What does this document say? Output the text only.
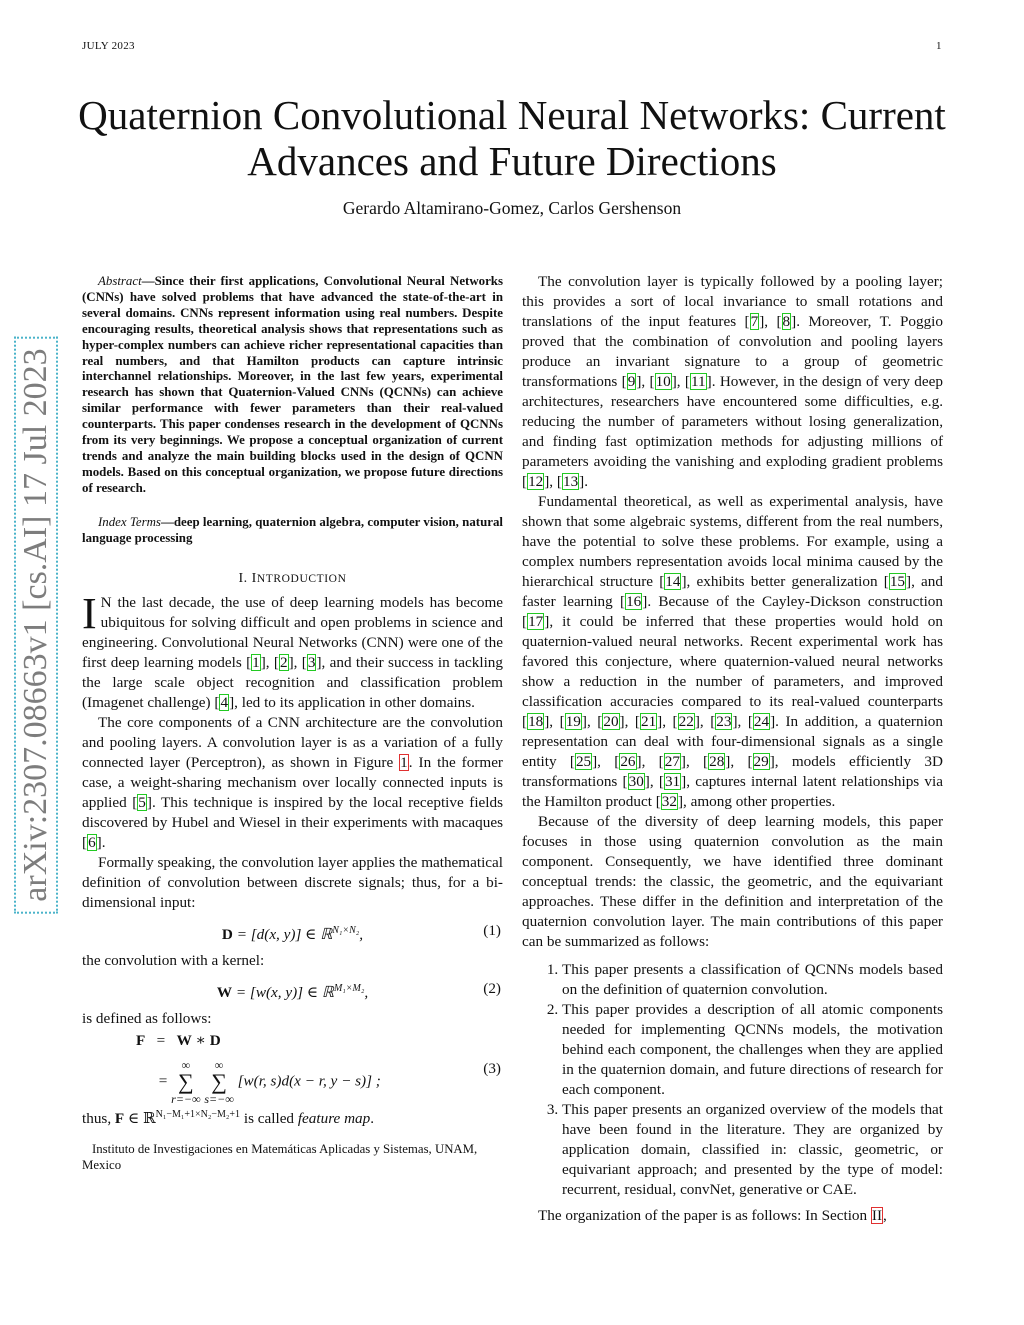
JULY 2023	1
Quaternion Convolutional Neural Networks: Current
Advances and Future Directions
Gerardo Altamirano-Gomez, Carlos Gershenson
arXiv:2307.08663v1 [cs.AI] 17 Jul 2023

Abstract—Since their first applications, Convolutional Neural Networks (CNNs) have solved problems that have advanced the state-of-the-art in several domains. CNNs represent information using real numbers. Despite encouraging results, theoretical analysis shows that representations such as hyper-complex numbers can achieve richer representational capacities than real numbers, and that Hamilton products can capture intrinsic interchannel relationships. Moreover, in the last few years, experimental research has shown that Quaternion-Valued CNNs (QCNNs) can achieve similar performance with fewer parameters than their real-valued counterparts. This paper condenses research in the development of QCNNs from its very beginnings. We propose a conceptual organization of current trends and analyze the main building blocks used in the design of QCNN models. Based on this conceptual organization, we propose future directions of research.

Index Terms—deep learning, quaternion algebra, computer vision, natural language processing

I. INTRODUCTION

I N the last decade, the use of deep learning models has become ubiquitous for solving difficult and open problems in science and engineering. Convolutional Neural Networks (CNN) were one of the first deep learning models [1], [2], [3], and their success in tackling the large scale object recognition and classification problem (Imagenet challenge) [4], led to its application in other domains.

The core components of a CNN architecture are the convolution and pooling layers. A convolution layer is as a variation of a fully connected layer (Perceptron), as shown in Figure 1. In the former case, a weight-sharing mechanism over locally connected inputs is applied [5]. This technique is inspired by the local receptive fields discovered by Hubel and Wiesel in their experiments with macaques [6].

Formally speaking, the convolution layer applies the mathematical definition of convolution between discrete signals; thus, for a bi-dimensional input:

D = [d(x, y)] ∈ ℝ$^{N_1\times N_2}$,	(1)

the convolution with a kernel:

W = [w(x, y)] ∈ ℝ$^{M_1\times M_2}$,	(2)

is defined as follows:

F   =   W ∗ D
= ∞
∑
r=−∞ ∞
∑
s=−∞ [w(r, s)d(x − r, y − s)] ;
(3)

thus, F ∈ ℝ$^{N_1-M_1+1\times N_2-M_2+1}$ is called feature map.

Instituto de Investigaciones en Matemáticas Aplicadas y Sistemas, UNAM, Mexico

The convolution layer is typically followed by a pooling layer; this provides a sort of local invariance to small rotations and translations of the input features [7], [8]. Moreover, T. Poggio proved that the combination of convolution and pooling layers produce an invariant signature to a group of geometric transformations [9], [10], [11]. However, in the design of very deep architectures, researchers have encountered some difficulties, e.g. reducing the number of parameters without losing generalization, and finding fast optimization methods for adjusting millions of parameters avoiding the vanishing and exploding gradient problems [12], [13].

Fundamental theoretical, as well as experimental analysis, have shown that some algebraic systems, different from the real numbers, have the potential to solve these problems. For example, using a complex numbers representation avoids local minima caused by the hierarchical structure [14], exhibits better generalization [15], and faster learning [16]. Because of the Cayley-Dickson construction [17], it could be inferred that these properties would hold on quaternion-valued neural networks. Recent experimental work has favored this conjecture, where quaternion-valued neural networks show a reduction in the number of parameters, and improved classification accuracies compared to its real-valued counterparts [18], [19], [20], [21], [22], [23], [24]. In addition, a quaternion representation can deal with four-dimensional signals as a single entity [25], [26], [27], [28], [29], models efficiently 3D transformations [30], [31], captures internal latent relationships via the Hamilton product [32], among other properties.

Because of the diversity of deep learning models, this paper focuses in those using quaternion convolution as the main component. Consequently, we have identified three dominant conceptual trends: the classic, the geometric, and the equivariant approaches. These differ in the definition and interpretation of the quaternion convolution layer. The main contributions of this paper can be summarized as follows:

1. This paper presents a classification of QCNNs models based on the definition of quaternion convolution.
2. This paper provides a description of all atomic components needed for implementing QCNNs models, the motivation behind each component, the challenges when they are applied in the quaternion domain, and future directions of research for each component.
3. This paper presents an organized overview of the models that have been found in the literature. They are organized by application domain, classified in: classic, geometric, or equivariant approach; and presented by the type of model: recurrent, residual, convNet, generative or CAE.

The organization of the paper is as follows: In Section II,
